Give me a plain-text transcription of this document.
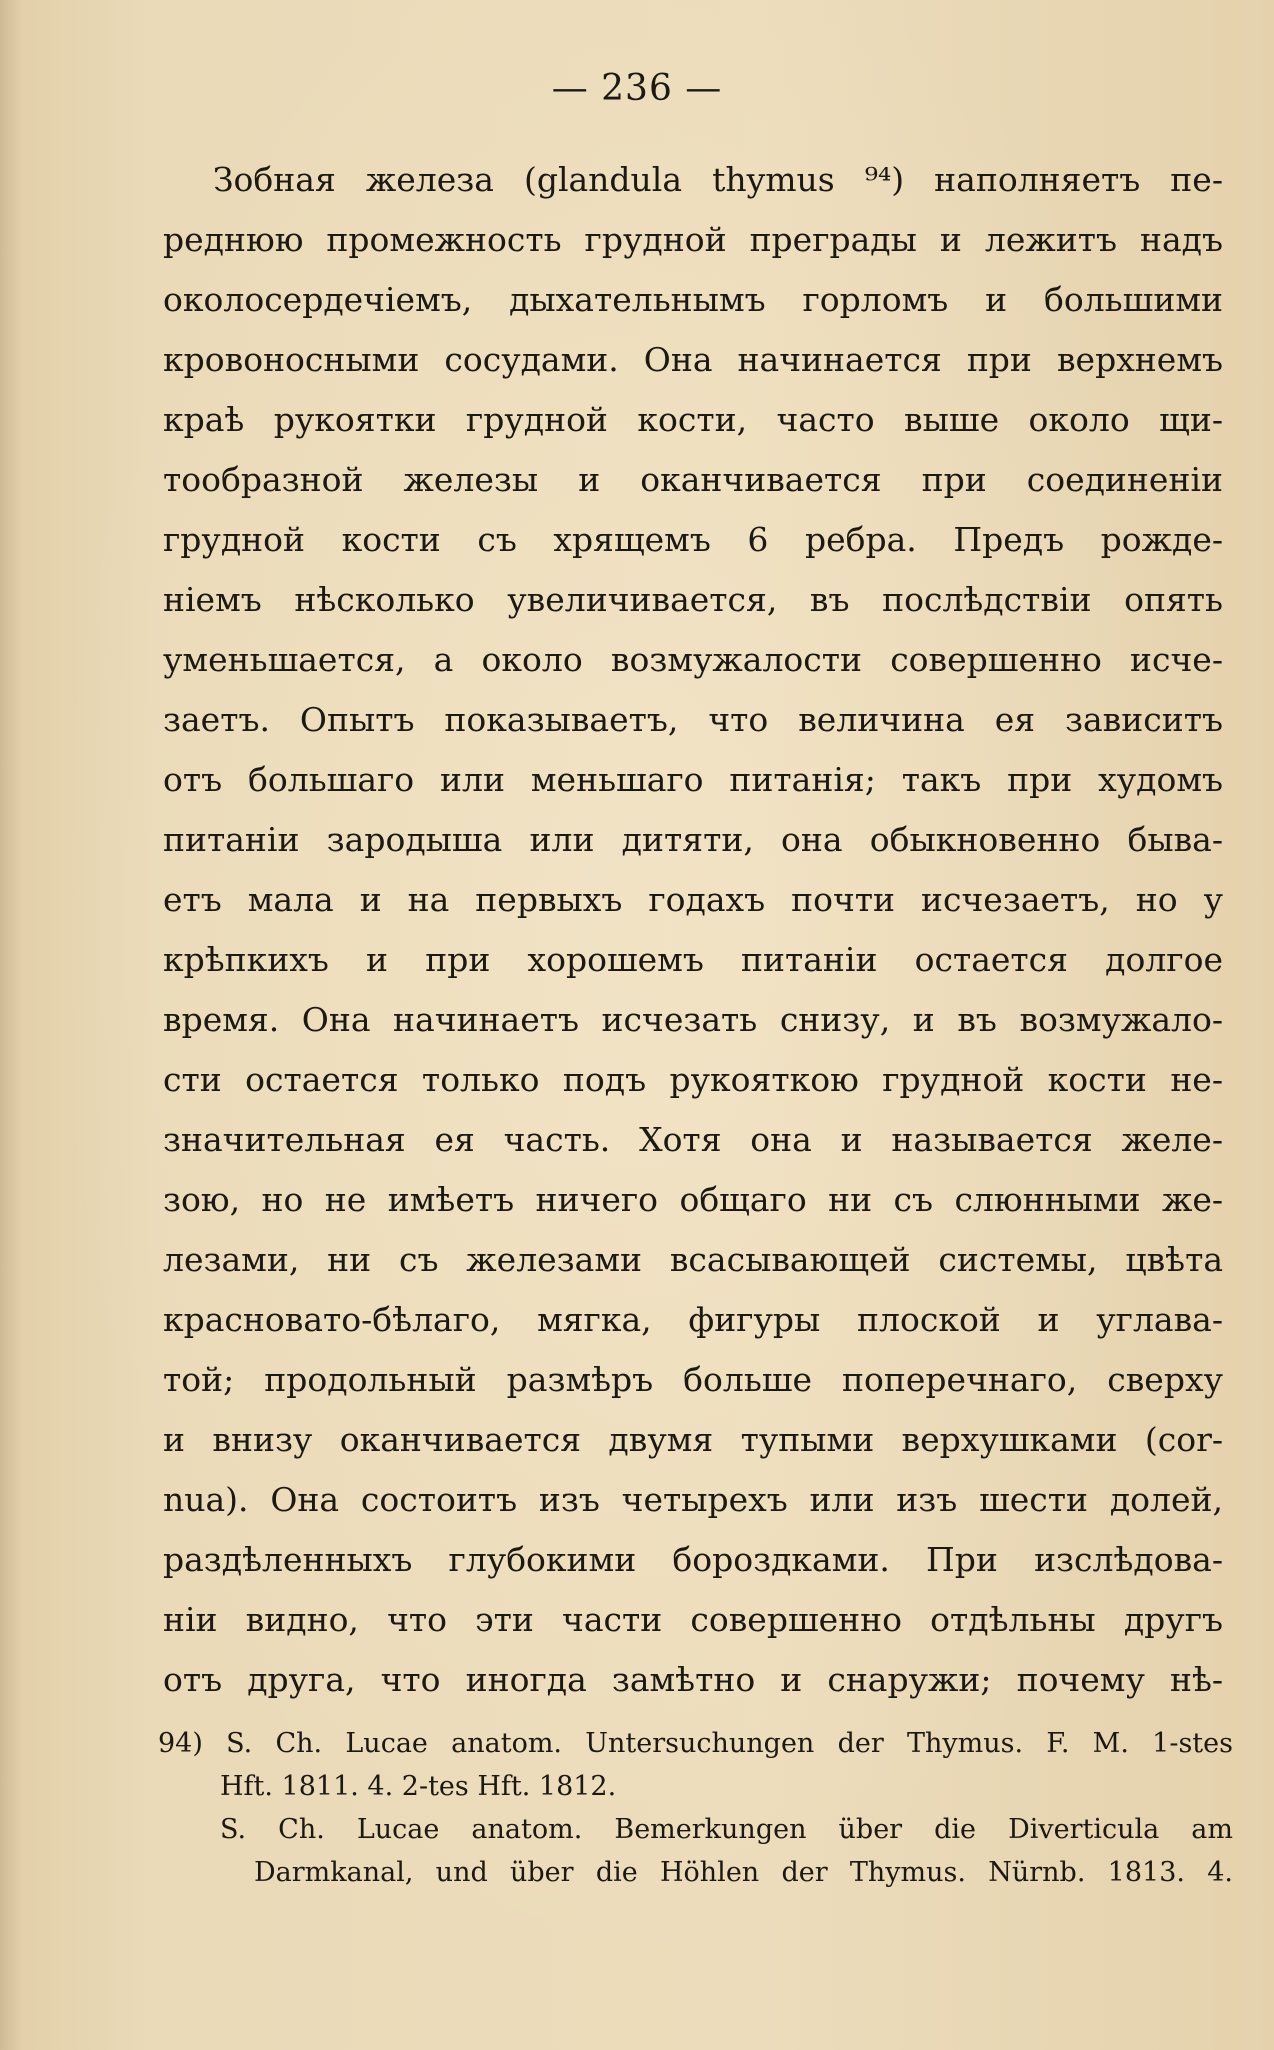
— 236 —
Зобная железа (glandula thymus ⁹⁴) наполняетъ пе-
реднюю промежность грудной преграды и лежитъ надъ
околосердечіемъ, дыхательнымъ горломъ и большими
кровоносными сосудами. Она начинается при верхнемъ
краѣ рукоятки грудной кости, часто выше около щи-
тообразной железы и оканчивается при соединеніи
грудной кости съ хрящемъ 6 ребра. Предъ рожде-
ніемъ нѣсколько увеличивается, въ послѣдствіи опять
уменьшается, а около возмужалости совершенно исче-
заетъ. Опытъ показываетъ, что величина ея зависитъ
отъ большаго или меньшаго питанія; такъ при худомъ
питаніи зародыша или дитяти, она обыкновенно быва-
етъ мала и на первыхъ годахъ почти исчезаетъ, но у
крѣпкихъ и при хорошемъ питаніи остается долгое
время. Она начинаетъ исчезать снизу, и въ возмужало-
сти остается только подъ рукояткою грудной кости не-
значительная ея часть. Хотя она и называется желе-
зою, но не имѣетъ ничего общаго ни съ слюнными же-
лезами, ни съ железами всасывающей системы, цвѣта
красновато-бѣлаго, мягка, фигуры плоской и углава-
той; продольный размѣръ больше поперечнаго, сверху
и внизу оканчивается двумя тупыми верхушками (cor-
nua). Она состоитъ изъ четырехъ или изъ шести долей,
раздѣленныхъ глубокими бороздками. При изслѣдова-
ніи видно, что эти части совершенно отдѣльны другъ
отъ друга, что иногда замѣтно и снаружи; почему нѣ-
94) S. Ch. Lucae anatom. Untersuchungen der Thymus. F. M. 1-stes
Hft. 1811. 4. 2-tes Hft. 1812.
S. Ch. Lucae anatom. Bemerkungen über die Diverticula am
Darmkanal, und über die Höhlen der Thymus. Nürnb. 1813. 4.
